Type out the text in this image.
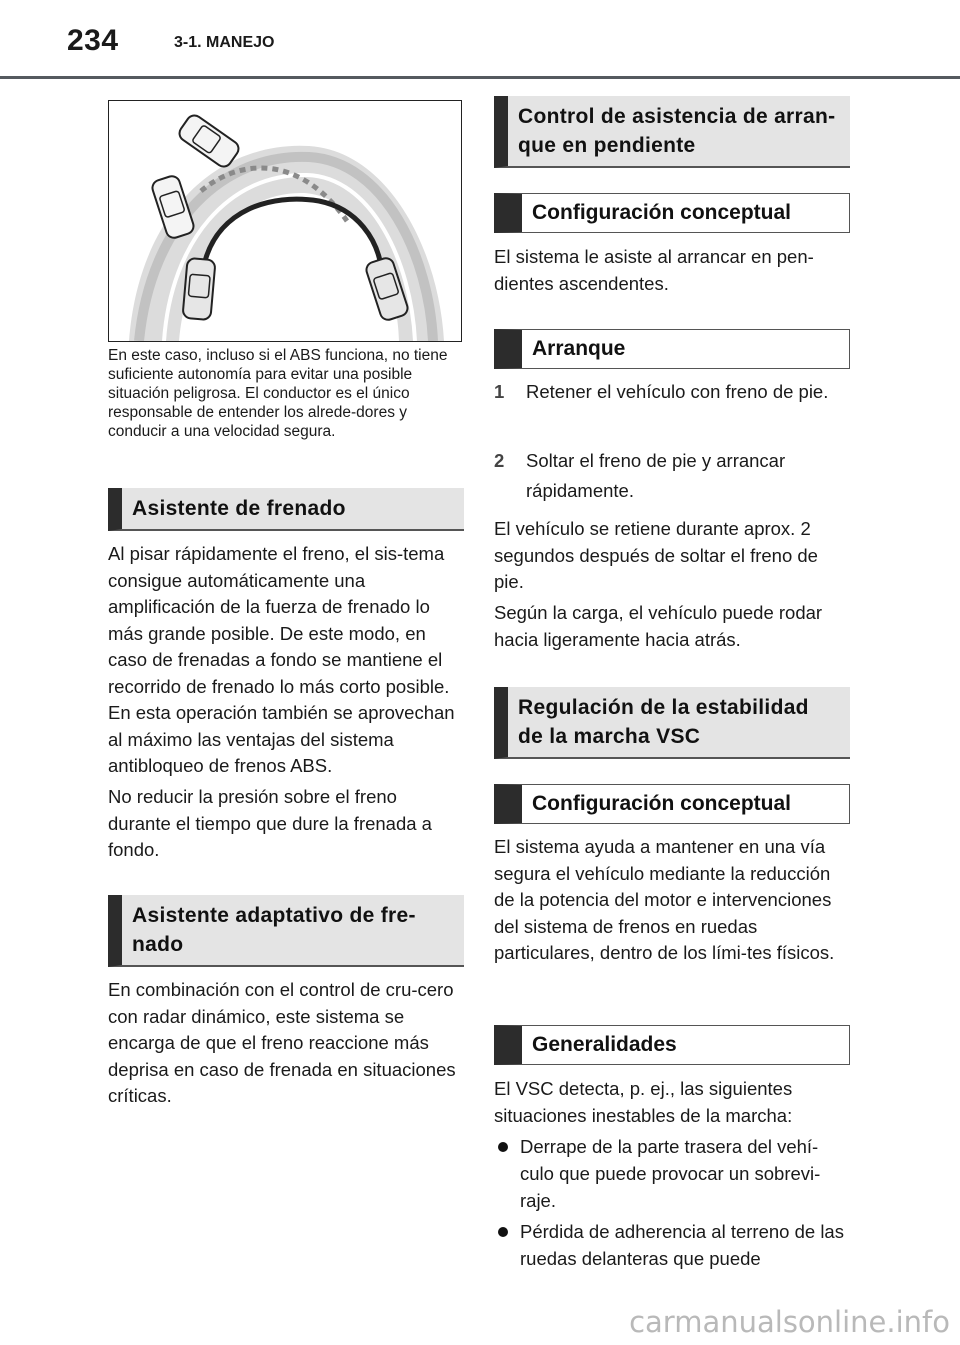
234	3-1. MANEJO
En este caso, incluso si el ABS funciona, no tiene suficiente autonomía para evitar una posible situación peligrosa. El conductor es el único responsable de entender los alrede-dores y conducir a una velocidad segura.
Asistente de frenado
Al pisar rápidamente el freno, el sis-tema consigue automáticamente una amplificación de la fuerza de frenado lo más grande posible. De este modo, en caso de frenadas a fondo se mantiene el recorrido de frenado lo más corto posible. En esta operación también se aprovechan al máximo las ventajas del sistema antibloqueo de frenos ABS.
No reducir la presión sobre el freno durante el tiempo que dure la frenada a fondo.
Asistente adaptativo de fre-nado
En combinación con el control de cru-cero con radar dinámico, este sistema se encarga de que el freno reaccione más deprisa en caso de frenada en situaciones críticas.
Control de asistencia de arran-que en pendiente
Configuración conceptual
El sistema le asiste al arrancar en pen-dientes ascendentes.
Arranque
1 Retener el vehículo con freno de pie.
2 Soltar el freno de pie y arrancar rápidamente.
El vehículo se retiene durante aprox. 2 segundos después de soltar el freno de pie.
Según la carga, el vehículo puede rodar hacia ligeramente hacia atrás.
Regulación de la estabilidad de la marcha VSC
Configuración conceptual
El sistema ayuda a mantener en una vía segura el vehículo mediante la reducción de la potencia del motor e intervenciones del sistema de frenos en ruedas particulares, dentro de los lími-tes físicos.
Generalidades
El VSC detecta, p. ej., las siguientes situaciones inestables de la marcha:
Derrape de la parte trasera del vehí-culo que puede provocar un sobrevi-raje.
Pérdida de adherencia al terreno de las ruedas delanteras que puede
carmanualsonline.info
